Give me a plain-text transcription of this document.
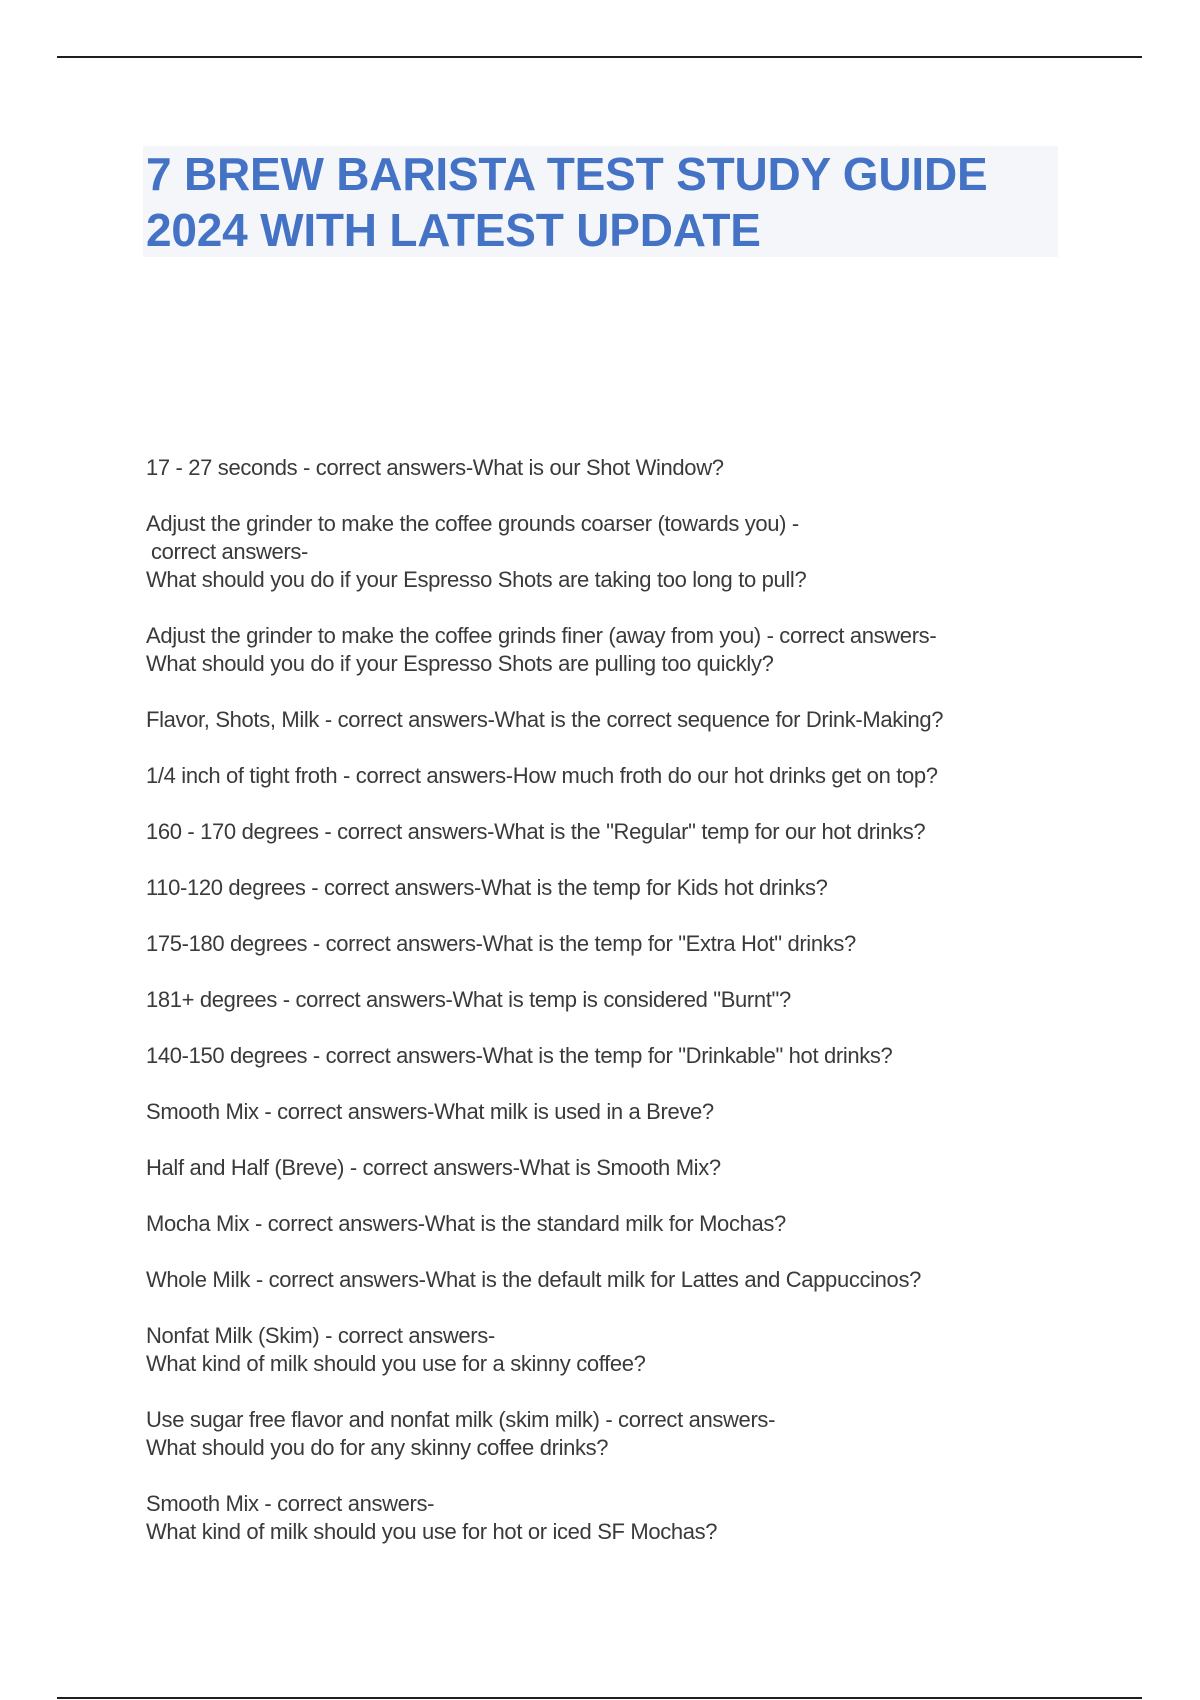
7 BREW BARISTA TEST STUDY GUIDE
2024 WITH LATEST UPDATE
17 - 27 seconds - correct answers-What is our Shot Window?
Adjust the grinder to make the coffee grounds coarser (towards you) -
correct answers-
What should you do if your Espresso Shots are taking too long to pull?
Adjust the grinder to make the coffee grinds finer (away from you) - correct answers-
What should you do if your Espresso Shots are pulling too quickly?
Flavor, Shots, Milk - correct answers-What is the correct sequence for Drink-Making?
1/4 inch of tight froth - correct answers-How much froth do our hot drinks get on top?
160 - 170 degrees - correct answers-What is the "Regular" temp for our hot drinks?
110-120 degrees - correct answers-What is the temp for Kids hot drinks?
175-180 degrees - correct answers-What is the temp for "Extra Hot" drinks?
181+ degrees - correct answers-What is temp is considered "Burnt"?
140-150 degrees - correct answers-What is the temp for "Drinkable" hot drinks?
Smooth Mix - correct answers-What milk is used in a Breve?
Half and Half (Breve) - correct answers-What is Smooth Mix?
Mocha Mix - correct answers-What is the standard milk for Mochas?
Whole Milk - correct answers-What is the default milk for Lattes and Cappuccinos?
Nonfat Milk (Skim) - correct answers-
What kind of milk should you use for a skinny coffee?
Use sugar free flavor and nonfat milk (skim milk) - correct answers-
What should you do for any skinny coffee drinks?
Smooth Mix - correct answers-
What kind of milk should you use for hot or iced SF Mochas?
